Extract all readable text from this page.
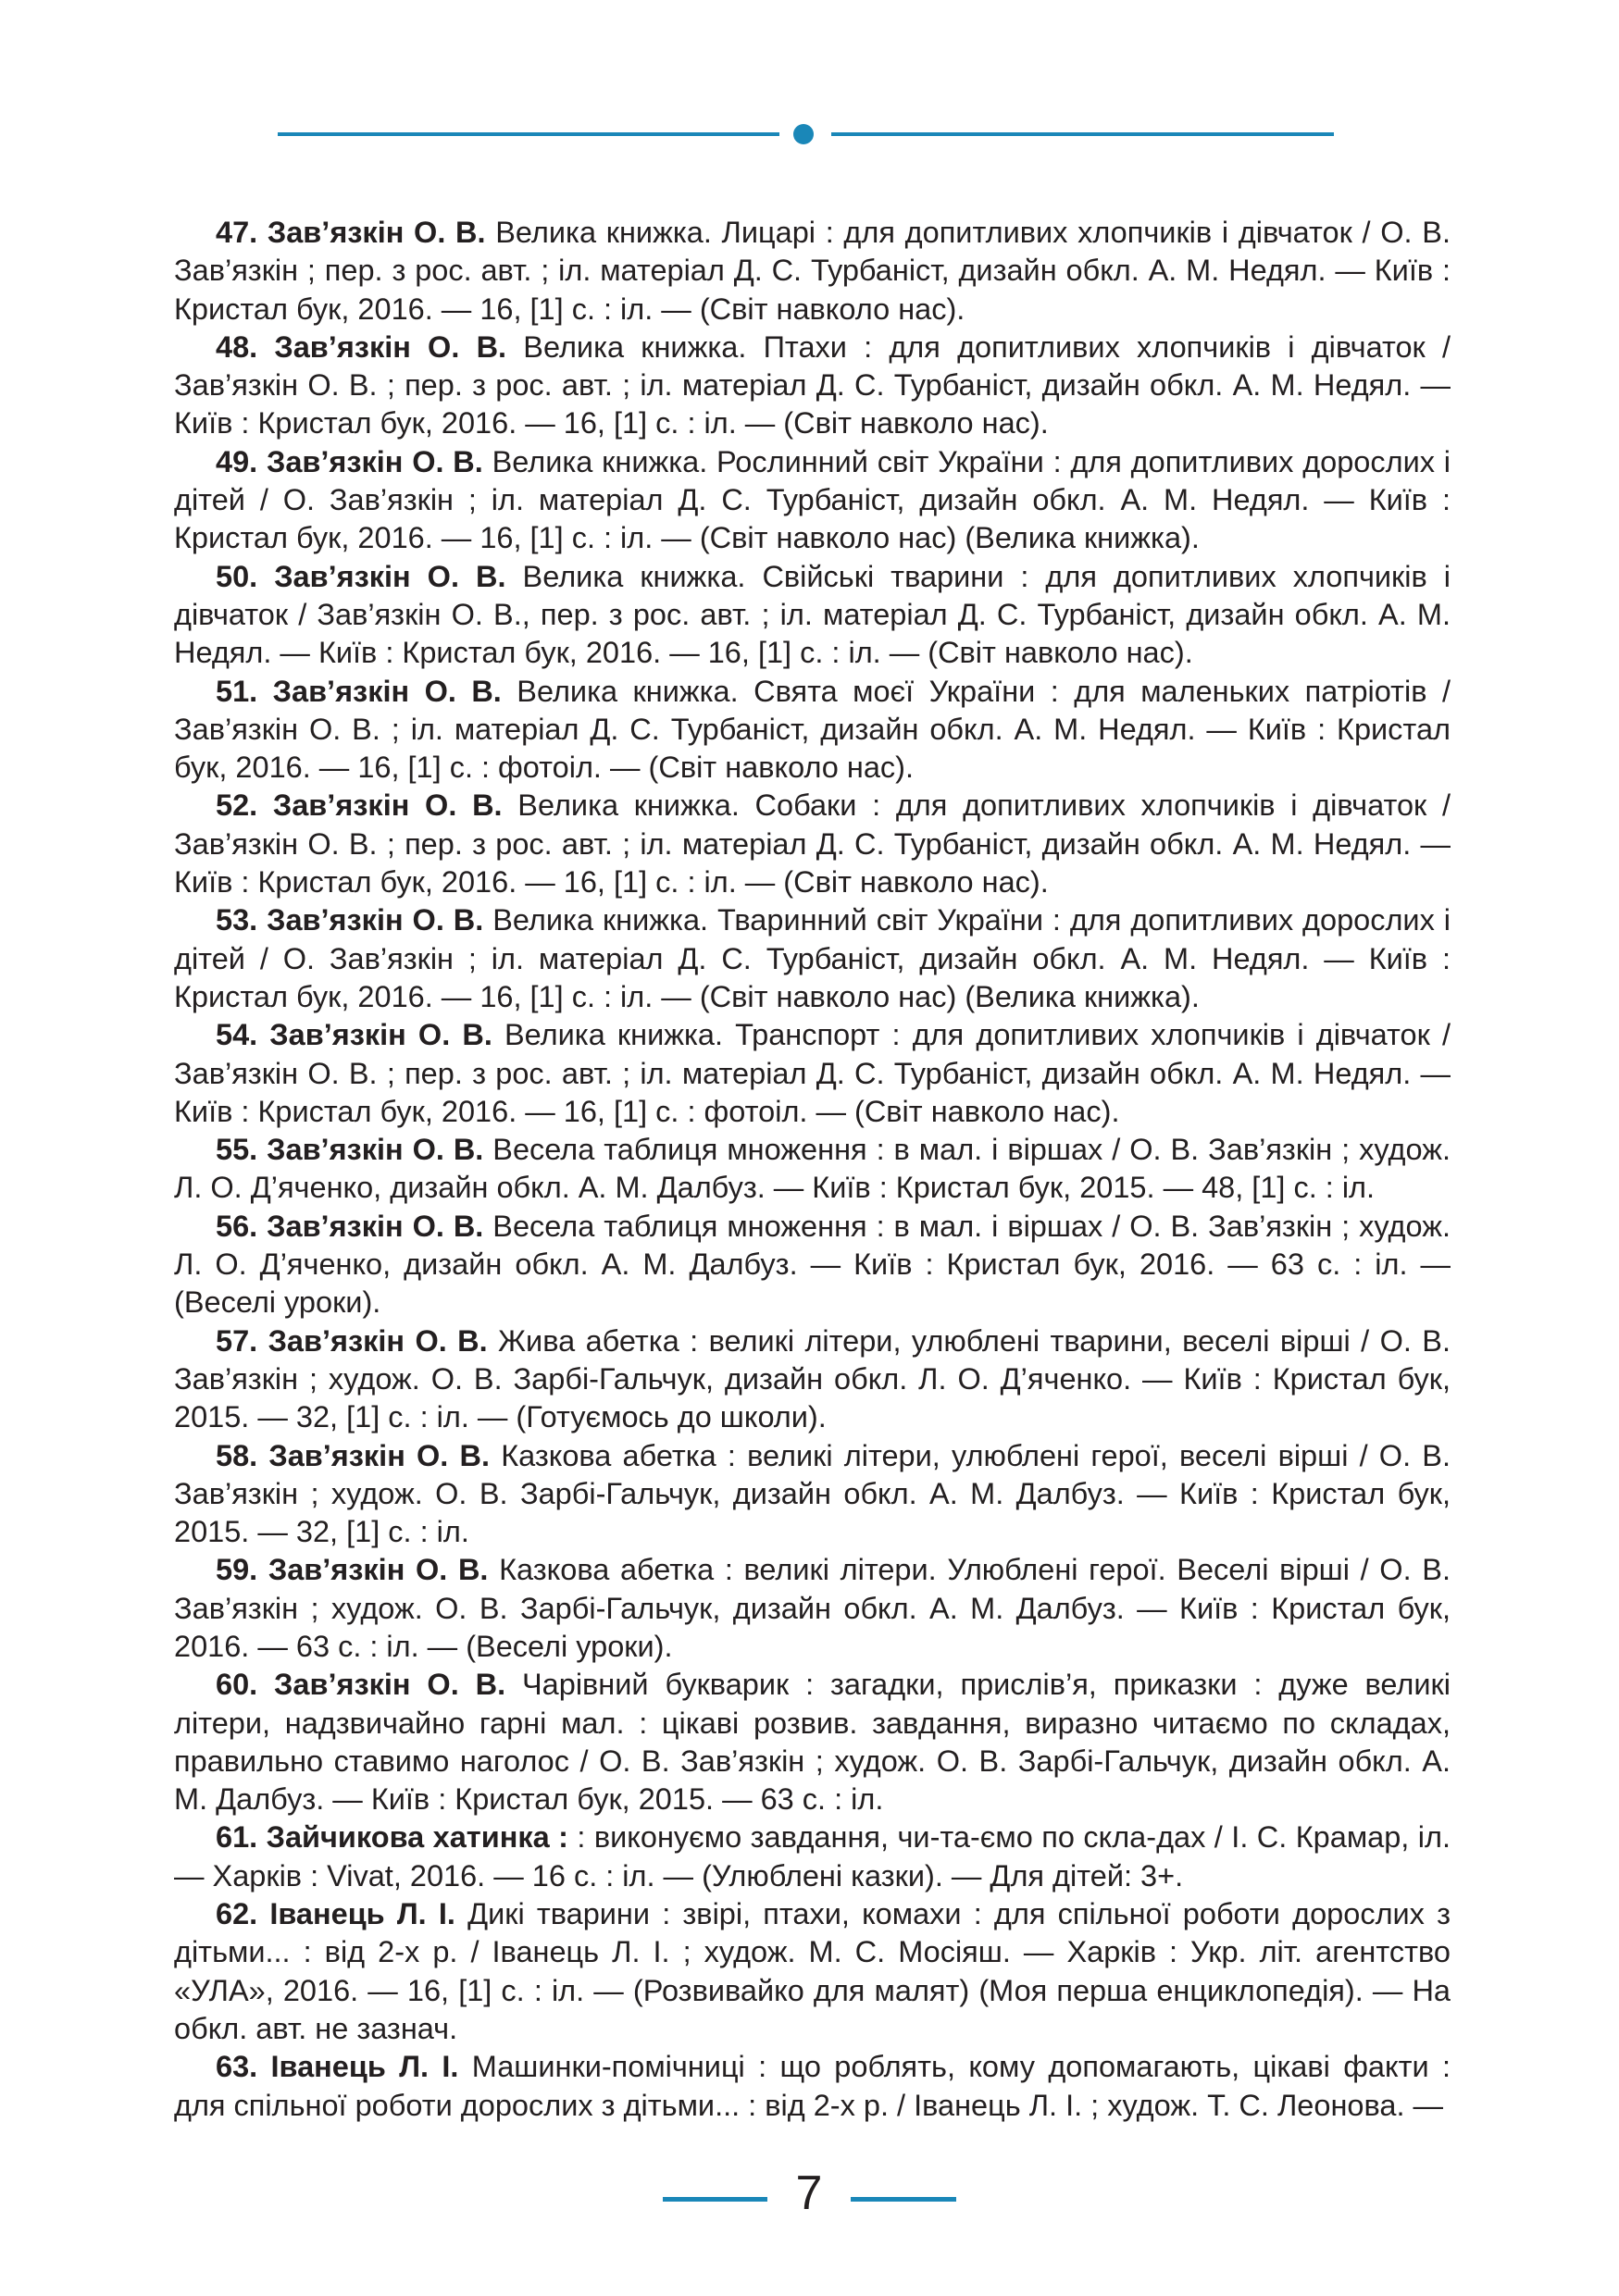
47. Зав’язкін О. В. Велика книжка. Лицарі : для допитливих хлопчиків і дівчаток / О. В. Зав’язкін ; пер. з рос. авт. ; іл. матеріал Д. С. Турбаніст, дизайн обкл. А. М. Недял. — Київ : Кристал бук, 2016. — 16, [1] с. : іл. — (Світ навколо нас).

48. Зав’язкін О. В. Велика книжка. Птахи : для допитливих хлопчиків і дівчаток / Зав’язкін О. В. ; пер. з рос. авт. ; іл. матеріал Д. С. Турбаніст, дизайн обкл. А. М. Недял. — Київ : Кристал бук, 2016. — 16, [1] с. : іл. — (Світ навколо нас).

49. Зав’язкін О. В. Велика книжка. Рослинний світ України : для допитливих дорослих і дітей / О. Зав’язкін ; іл. матеріал Д. С. Турбаніст, дизайн обкл. А. М. Недял. — Київ : Кристал бук, 2016. — 16, [1] с. : іл. — (Світ навколо нас) (Велика книжка).

50. Зав’язкін О. В. Велика книжка. Свійські тварини : для допитливих хлопчиків і дівчаток / Зав’язкін О. В., пер. з рос. авт. ; іл. матеріал Д. С. Турбаніст, дизайн обкл. А. М. Недял. — Київ : Кристал бук, 2016. — 16, [1] с. : іл. — (Світ навколо нас).

51. Зав’язкін О. В. Велика книжка. Свята моєї України : для маленьких патріотів / Зав’язкін О. В. ; іл. матеріал Д. С. Турбаніст, дизайн обкл. А. М. Недял. — Київ : Кристал бук, 2016. — 16, [1] с. : фотоіл. — (Світ навколо нас).

52. Зав’язкін О. В. Велика книжка. Собаки : для допитливих хлопчиків і дівчаток / Зав’язкін О. В. ; пер. з рос. авт. ; іл. матеріал Д. С. Турбаніст, дизайн обкл. А. М. Недял. — Київ : Кристал бук, 2016. — 16, [1] с. : іл. — (Світ навколо нас).

53. Зав’язкін О. В. Велика книжка. Тваринний світ України : для допитливих дорослих і дітей / О. Зав’язкін ; іл. матеріал Д. С. Турбаніст, дизайн обкл. А. М. Недял. — Київ : Кристал бук, 2016. — 16, [1] с. : іл. — (Світ навколо нас) (Велика книжка).

54. Зав’язкін О. В. Велика книжка. Транспорт : для допитливих хлопчиків і дівчаток / Зав’язкін О. В. ; пер. з рос. авт. ; іл. матеріал Д. С. Турбаніст, дизайн обкл. А. М. Недял. — Київ : Кристал бук, 2016. — 16, [1] с. : фотоіл. — (Світ навколо нас).

55. Зав’язкін О. В. Весела таблиця множення : в мал. і віршах / О. В. Зав’язкін ; худож. Л. О. Д’яченко, дизайн обкл. А. М. Далбуз. — Київ : Кристал бук, 2015. — 48, [1] с. : іл.

56. Зав’язкін О. В. Весела таблиця множення : в мал. і віршах / О. В. Зав’язкін ; худож. Л. О. Д’яченко, дизайн обкл. А. М. Далбуз. — Київ : Кристал бук, 2016. — 63 с. : іл. — (Веселі уроки).

57. Зав’язкін О. В. Жива абетка : великі літери, улюблені тварини, веселі вірші / О. В. Зав’язкін ; худож. О. В. Зарбі-Гальчук, дизайн обкл. Л. О. Д’яченко. — Київ : Кристал бук, 2015. — 32, [1] с. : іл. — (Готуємось до школи).

58. Зав’язкін О. В. Казкова абетка : великі літери, улюблені герої, веселі вірші / О. В. Зав’язкін ; худож. О. В. Зарбі-Гальчук, дизайн обкл. А. М. Далбуз. — Київ : Кристал бук, 2015. — 32, [1] с. : іл.

59. Зав’язкін О. В. Казкова абетка : великі літери. Улюблені герої. Веселі вірші / О. В. Зав’язкін ; худож. О. В. Зарбі-Гальчук, дизайн обкл. А. М. Далбуз. — Київ : Кристал бук, 2016. — 63 с. : іл. — (Веселі уроки).

60. Зав’язкін О. В. Чарівний букварик : загадки, прислів’я, приказки : дуже великі літери, надзвичайно гарні мал. : цікаві розвив. завдання, виразно читаємо по складах, правильно ставимо наголос / О. В. Зав’язкін ; худож. О. В. Зарбі-Гальчук, дизайн обкл. А. М. Далбуз. — Київ : Кристал бук, 2015. — 63 с. : іл.

61. Зайчикова хатинка : : виконуємо завдання, чи-та-ємо по скла-дах / І. С. Крамар, іл. — Харків : Vivat, 2016. — 16 с. : іл. — (Улюблені казки). — Для дітей: 3+.

62. Іванець Л. І. Дикі тварини : звірі, птахи, комахи : для спільної роботи дорослих з дітьми... : від 2-х р. / Іванець Л. І. ; худож. М. С. Мосіяш. — Харків : Укр. літ. агентство «УЛА», 2016. — 16, [1] с. : іл. — (Розвивайко для малят) (Моя перша енциклопедія). — На обкл. авт. не зазнач.

63. Іванець Л. І. Машинки-помічниці : що роблять, кому допомагають, цікаві факти : для спільної роботи дорослих з дітьми... : від 2-х р. / Іванець Л. І. ; худож. Т. С. Леонова. —

7
